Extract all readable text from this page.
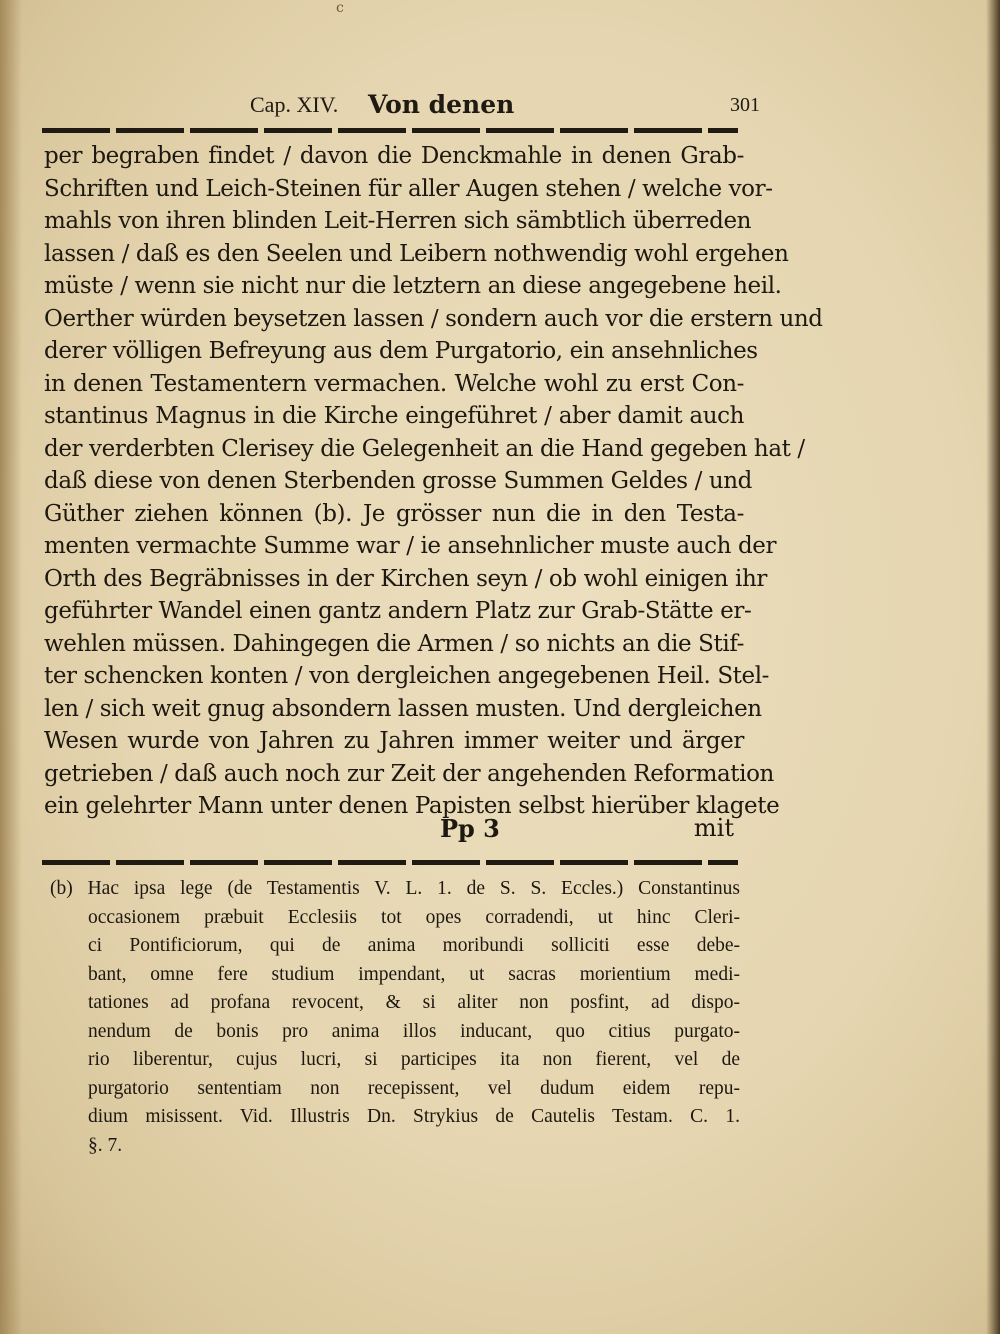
c
Cap. XIV. Von denen	301
per begraben findet / davon die Denckmahle in denen Grab-
Schriften und Leich-Steinen für aller Augen stehen / welche vor-
mahls von ihren blinden Leit-Herren sich sämbtlich überreden
lassen / daß es den Seelen und Leibern nothwendig wohl ergehen
müste / wenn sie nicht nur die letztern an diese angegebene heil.
Oerther würden beysetzen lassen / sondern auch vor die erstern und
derer völligen Befreyung aus dem Purgatorio, ein ansehnliches
in denen Testamentern vermachen. Welche wohl zu erst Con-
stantinus Magnus in die Kirche eingeführet / aber damit auch
der verderbten Clerisey die Gelegenheit an die Hand gegeben hat /
daß diese von denen Sterbenden grosse Summen Geldes / und
Güther ziehen können (b). Je grösser nun die in den Testa-
menten vermachte Summe war / ie ansehnlicher muste auch der
Orth des Begräbnisses in der Kirchen seyn / ob wohl einigen ihr
geführter Wandel einen gantz andern Platz zur Grab-Stätte er-
wehlen müssen. Dahingegen die Armen / so nichts an die Stif-
ter schencken konten / von dergleichen angegebenen Heil. Stel-
len / sich weit gnug absondern lassen musten. Und dergleichen
Wesen wurde von Jahren zu Jahren immer weiter und ärger
getrieben / daß auch noch zur Zeit der angehenden Reformation
ein gelehrter Mann unter denen Papisten selbst hierüber klagete
Pp 3	mit
(b) Hac ipsa lege (de Testamentis V. L. 1. de S. S. Eccles.) Constantinus
occasionem præbuit Ecclesiis tot opes corradendi, ut hinc Cleri-
ci Pontificiorum, qui de anima moribundi solliciti esse debe-
bant, omne fere studium impendant, ut sacras morientium medi-
tationes ad profana revocent, & si aliter non posfint, ad dispo-
nendum de bonis pro anima illos inducant, quo citius purgato-
rio liberentur, cujus lucri, si participes ita non fierent, vel de
purgatorio sententiam non recepissent, vel dudum eidem repu-
dium misissent. Vid. Illustris Dn. Strykius de Cautelis Testam. C. 1.
§. 7.
